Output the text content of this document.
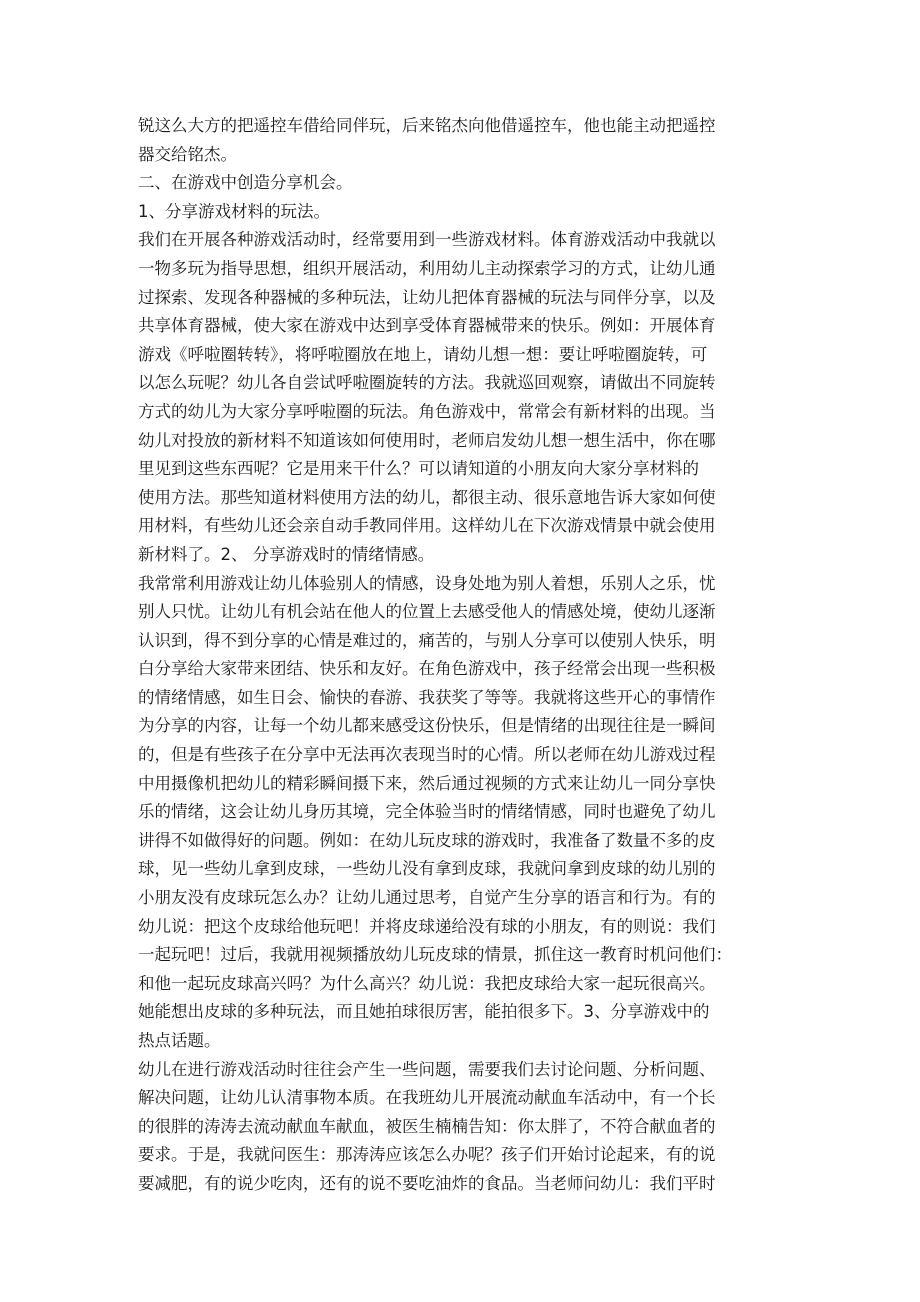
锐这么大方的把遥控车借给同伴玩，后来铭杰向他借遥控车，他也能主动把遥控
器交给铭杰。
二、在游戏中创造分享机会。
1、分享游戏材料的玩法。
我们在开展各种游戏活动时，经常要用到一些游戏材料。体育游戏活动中我就以
一物多玩为指导思想，组织开展活动，利用幼儿主动探索学习的方式，让幼儿通
过探索、发现各种器械的多种玩法，让幼儿把体育器械的玩法与同伴分享，以及
共享体育器械，使大家在游戏中达到享受体育器械带来的快乐。例如：开展体育
游戏《呼啦圈转转》，将呼啦圈放在地上，请幼儿想一想：要让呼啦圈旋转，可
以怎么玩呢？幼儿各自尝试呼啦圈旋转的方法。我就巡回观察，请做出不同旋转
方式的幼儿为大家分享呼啦圈的玩法。角色游戏中，常常会有新材料的出现。当
幼儿对投放的新材料不知道该如何使用时，老师启发幼儿想一想生活中，你在哪
里见到这些东西呢？它是用来干什么？可以请知道的小朋友向大家分享材料的
使用方法。那些知道材料使用方法的幼儿，都很主动、很乐意地告诉大家如何使
用材料，有些幼儿还会亲自动手教同伴用。这样幼儿在下次游戏情景中就会使用
新材料了。2、 分享游戏时的情绪情感。
我常常利用游戏让幼儿体验别人的情感，设身处地为别人着想，乐别人之乐，忧
别人只忧。让幼儿有机会站在他人的位置上去感受他人的情感处境，使幼儿逐渐
认识到，得不到分享的心情是难过的，痛苦的，与别人分享可以使别人快乐，明
白分享给大家带来团结、快乐和友好。在角色游戏中，孩子经常会出现一些积极
的情绪情感，如生日会、愉快的春游、我获奖了等等。我就将这些开心的事情作
为分享的内容，让每一个幼儿都来感受这份快乐，但是情绪的出现往往是一瞬间
的，但是有些孩子在分享中无法再次表现当时的心情。所以老师在幼儿游戏过程
中用摄像机把幼儿的精彩瞬间摄下来，然后通过视频的方式来让幼儿一同分享快
乐的情绪，这会让幼儿身历其境，完全体验当时的情绪情感，同时也避免了幼儿
讲得不如做得好的问题。例如：在幼儿玩皮球的游戏时，我准备了数量不多的皮
球，见一些幼儿拿到皮球，一些幼儿没有拿到皮球，我就问拿到皮球的幼儿别的
小朋友没有皮球玩怎么办？让幼儿通过思考，自觉产生分享的语言和行为。有的
幼儿说：把这个皮球给他玩吧！并将皮球递给没有球的小朋友，有的则说：我们
一起玩吧！过后，我就用视频播放幼儿玩皮球的情景，抓住这一教育时机问他们：
和他一起玩皮球高兴吗？为什么高兴？幼儿说：我把皮球给大家一起玩很高兴。
她能想出皮球的多种玩法，而且她拍球很厉害，能拍很多下。3、分享游戏中的
热点话题。
幼儿在进行游戏活动时往往会产生一些问题，需要我们去讨论问题、分析问题、
解决问题，让幼儿认清事物本质。在我班幼儿开展流动献血车活动中，有一个长
的很胖的涛涛去流动献血车献血，被医生楠楠告知：你太胖了，不符合献血者的
要求。于是，我就问医生：那涛涛应该怎么办呢？孩子们开始讨论起来，有的说
要减肥，有的说少吃肉，还有的说不要吃油炸的食品。当老师问幼儿：我们平时
